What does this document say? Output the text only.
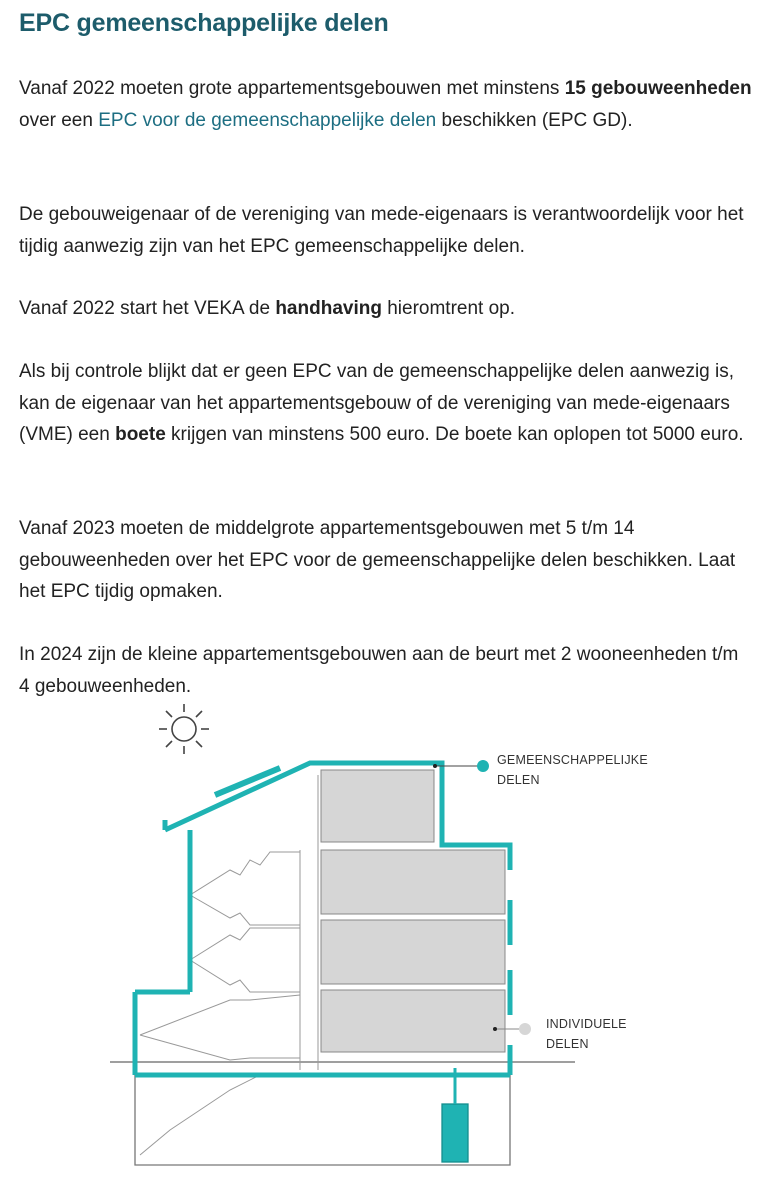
EPC gemeenschappelijke delen

Vanaf 2022 moeten grote appartementsgebouwen met minstens 15 gebouweenheden over een EPC voor de gemeenschappelijke delen beschikken (EPC GD).

De gebouweigenaar of de vereniging van mede-eigenaars is verantwoordelijk voor het tijdig aanwezig zijn van het EPC gemeenschappelijke delen.

Vanaf 2022 start het VEKA de handhaving hieromtrent op.

Als bij controle blijkt dat er geen EPC van de gemeenschappelijke delen aanwezig is, kan de eigenaar van het appartementsgebouw of de vereniging van mede-eigenaars (VME) een boete krijgen van minstens 500 euro. De boete kan oplopen tot 5000 euro.

Vanaf 2023 moeten de middelgrote appartementsgebouwen met 5 t/m 14 gebouweenheden over het EPC voor de gemeenschappelijke delen beschikken. Laat het EPC tijdig opmaken.

In 2024 zijn de kleine appartementsgebouwen aan de beurt met 2 wooneenheden t/m 4 gebouweenheden.

GEMEENSCHAPPELIJKE
DELEN
INDIVIDUELE
DELEN
